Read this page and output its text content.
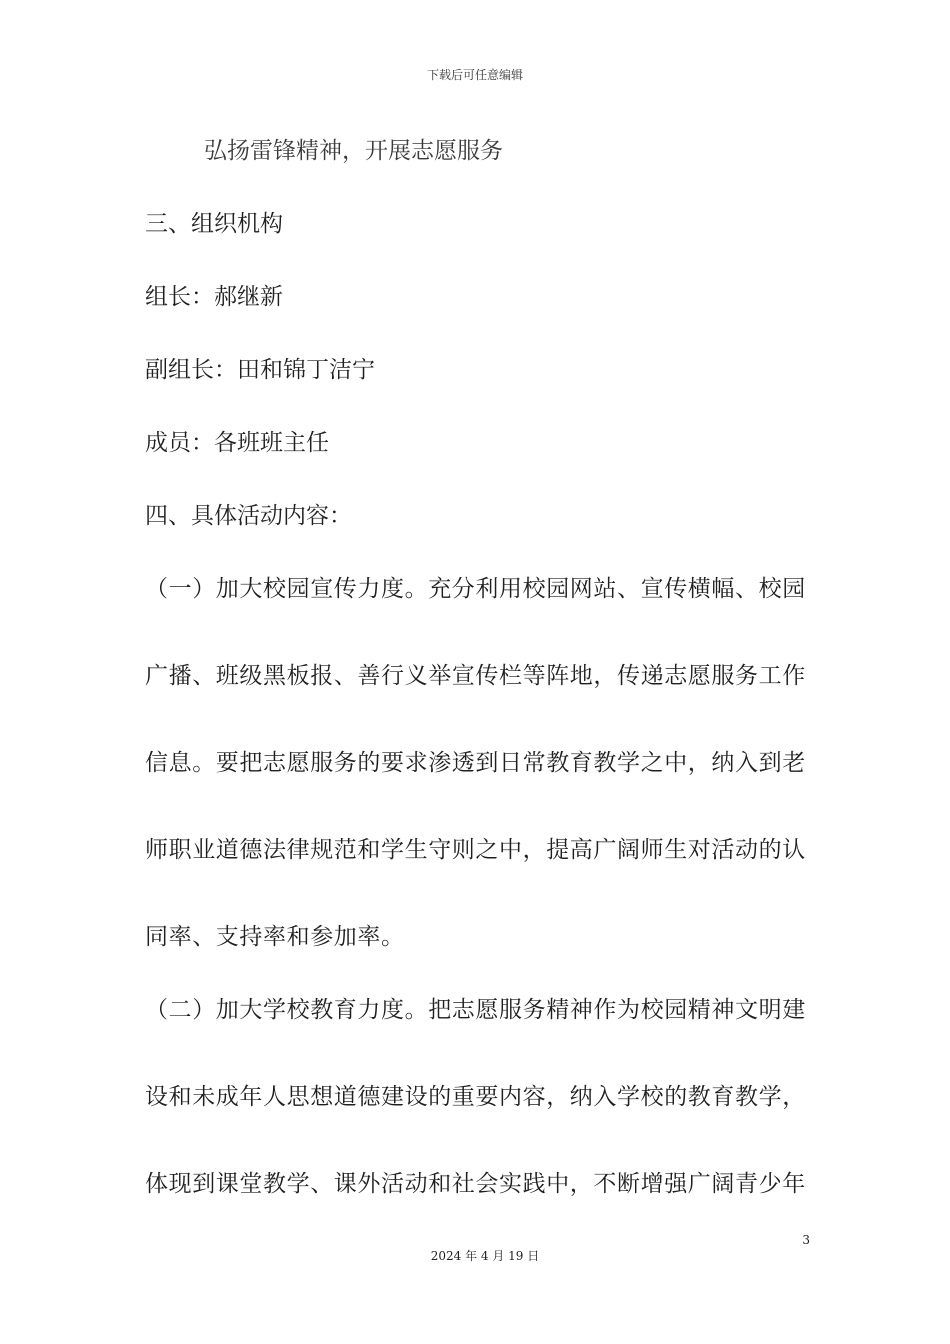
下载后可任意编辑
弘扬雷锋精神，开展志愿服务
三、组织机构
组长：郝继新
副组长：田和锦丁洁宁
成员：各班班主任
四、具体活动内容：
（一）加大校园宣传力度。充分利用校园网站、宣传横幅、校园
广播、班级黑板报、善行义举宣传栏等阵地，传递志愿服务工作
信息。要把志愿服务的要求渗透到日常教育教学之中，纳入到老
师职业道德法律规范和学生守则之中，提高广阔师生对活动的认
同率、支持率和参加率。
（二）加大学校教育力度。把志愿服务精神作为校园精神文明建
设和未成年人思想道德建设的重要内容，纳入学校的教育教学，
体现到课堂教学、课外活动和社会实践中，不断增强广阔青少年
3
2024 年 4 月 19 日
